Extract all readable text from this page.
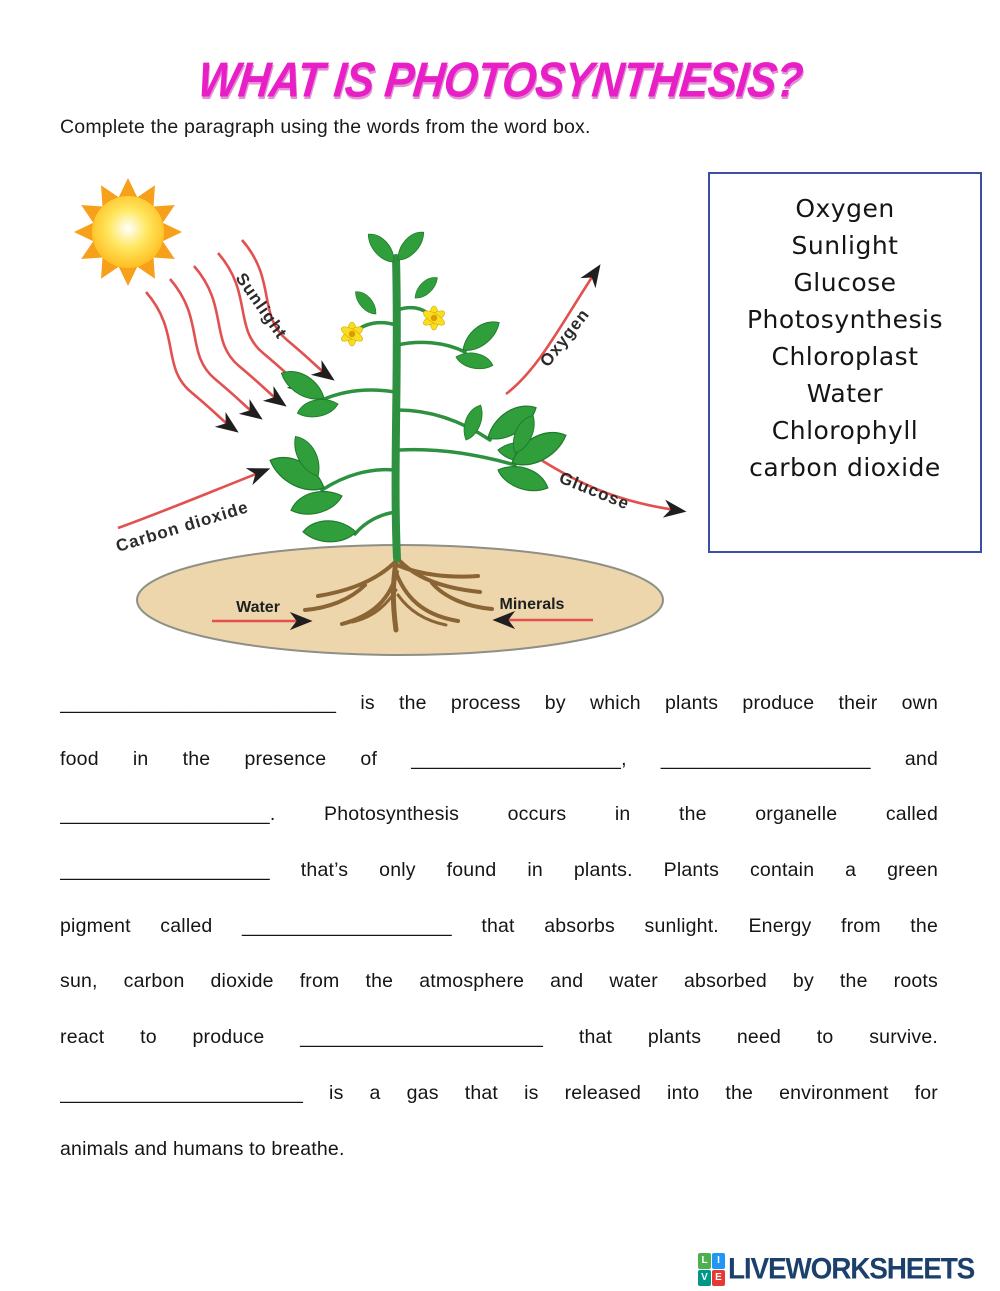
WHAT IS PHOTOSYNTHESIS?
Complete the paragraph using the words from the word box.
Sunlight	Oxygen
Carbon dioxide
Glucose
Water	Minerals
Oxygen
Sunlight
Glucose
Photosynthesis
Chloroplast
Water
Chlorophyll
carbon dioxide
_________________________ is the process by which plants produce their own
food in the presence of ___________________, ___________________ and
___________________. Photosynthesis occurs in the organelle called
___________________ that’s only found in plants. Plants contain a green
pigment called ___________________ that absorbs sunlight. Energy from the
sun, carbon dioxide from the atmosphere and water absorbed by the roots
react to produce ______________________ that plants need to survive.
______________________ is a gas that is released into the environment for
animals and humans to breathe.
L I
V E LIVEWORKSHEETS
